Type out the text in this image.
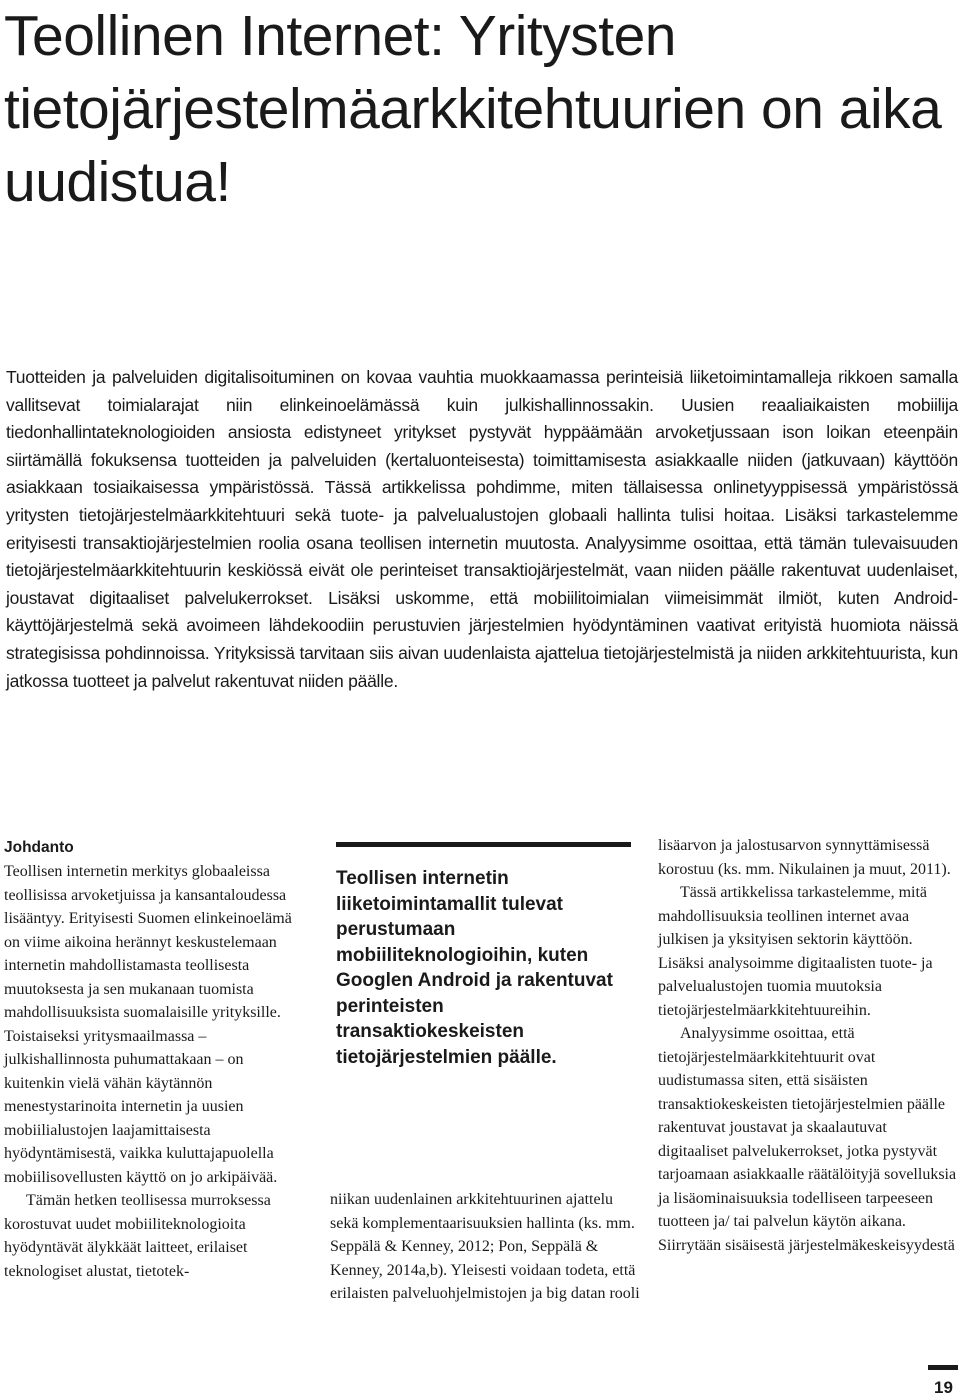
Teollinen Internet: Yritysten tietojärjestelmäarkkitehtuurien on aika uudistua!
Tuotteiden ja palveluiden digitalisoituminen on kovaa vauhtia muokkaamassa perinteisiä liiketoimintamalleja rikkoen samalla vallitsevat toimialarajat niin elinkeinoelämässä kuin julkishallinnossakin. Uusien reaaliaikaisten mobiilija tiedonhallintateknologioiden ansiosta edistyneet yritykset pystyvät hyppäämään arvoketjussaan ison loikan eteenpäin siirtämällä fokuksensa tuotteiden ja palveluiden (kertaluonteisesta) toimittamisesta asiakkaalle niiden (jatkuvaan) käyttöön asiakkaan tosiaikaisessa ympäristössä. Tässä artikkelissa pohdimme, miten tällaisessa onlinetyyppisessä ympäristössä yritysten tietojärjestelmäarkkitehtuuri sekä tuote- ja palvelualustojen globaali hallinta tulisi hoitaa. Lisäksi tarkastelemme erityisesti transaktiojärjestelmien roolia osana teollisen internetin muutosta. Analyysimme osoittaa, että tämän tulevaisuuden tietojärjestelmäarkkitehtuurin keskiössä eivät ole perinteiset transaktiojärjestelmät, vaan niiden päälle rakentuvat uudenlaiset, joustavat digitaaliset palvelukerrokset. Lisäksi uskomme, että mobiilitoimialan viimeisimmät ilmiöt, kuten Android-käyttöjärjestelmä sekä avoimeen lähdekoodiin perustuvien järjestelmien hyödyntäminen vaativat erityistä huomiota näissä strategisissa pohdinnoissa. Yrityksissä tarvitaan siis aivan uudenlaista ajattelua tietojärjestelmistä ja niiden arkkitehtuurista, kun jatkossa tuotteet ja palvelut rakentuvat niiden päälle.
Johdanto

Teollisen internetin merkitys globaaleissa teollisissa arvoketjuissa ja kansantaloudessa lisääntyy. Erityisesti Suomen elinkeinoelämä on viime aikoina herännyt keskustelemaan internetin mahdollistamasta teollisesta muutoksesta ja sen mukanaan tuomista mahdollisuuksista suomalaisille yrityksille. Toistaiseksi yritysmaailmassa – julkishallinnosta puhumattakaan – on kuitenkin vielä vähän käytännön menestystarinoita internetin ja uusien mobiilialustojen laajamittaisesta hyödyntämisestä, vaikka kuluttajapuolella mobiilisovellusten käyttö on jo arkipäivää.

Tämän hetken teollisessa murroksessa korostuvat uudet mobiiliteknologioita hyödyntävät älykkäät laitteet, erilaiset teknologiset alustat, tietotek-

Teollisen internetin liiketoimintamallit tulevat perustumaan mobiiliteknologioihin, kuten Googlen Android ja rakentuvat perinteisten transaktiokeskeisten tietojärjestelmien päälle.

niikan uudenlainen arkkitehtuurinen ajattelu sekä komplementaarisuuksien hallinta (ks. mm. Seppälä & Kenney, 2012; Pon, Seppälä & Kenney, 2014a,b). Yleisesti voidaan todeta, että erilaisten palveluohjelmistojen ja big datan rooli

lisäarvon ja jalostusarvon synnyttämisessä korostuu (ks. mm. Nikulainen ja muut, 2011).

Tässä artikkelissa tarkastelemme, mitä mahdollisuuksia teollinen internet avaa julkisen ja yksityisen sektorin käyttöön. Lisäksi analysoimme digitaalisten tuote- ja palvelualustojen tuomia muutoksia tietojärjestelmäarkkitehtuureihin.

Analyysimme osoittaa, että tietojärjestelmäarkkitehtuurit ovat uudistumassa siten, että sisäisten transaktiokeskeisten tietojärjestelmien päälle rakentuvat joustavat ja skaalautuvat digitaaliset palvelukerrokset, jotka pystyvät tarjoamaan asiakkaalle räätälöityjä sovelluksia ja lisäominaisuuksia todelliseen tarpeeseen tuotteen ja/ tai palvelun käytön aikana. Siirrytään sisäisestä järjestelmäkeskeisyydestä

19
